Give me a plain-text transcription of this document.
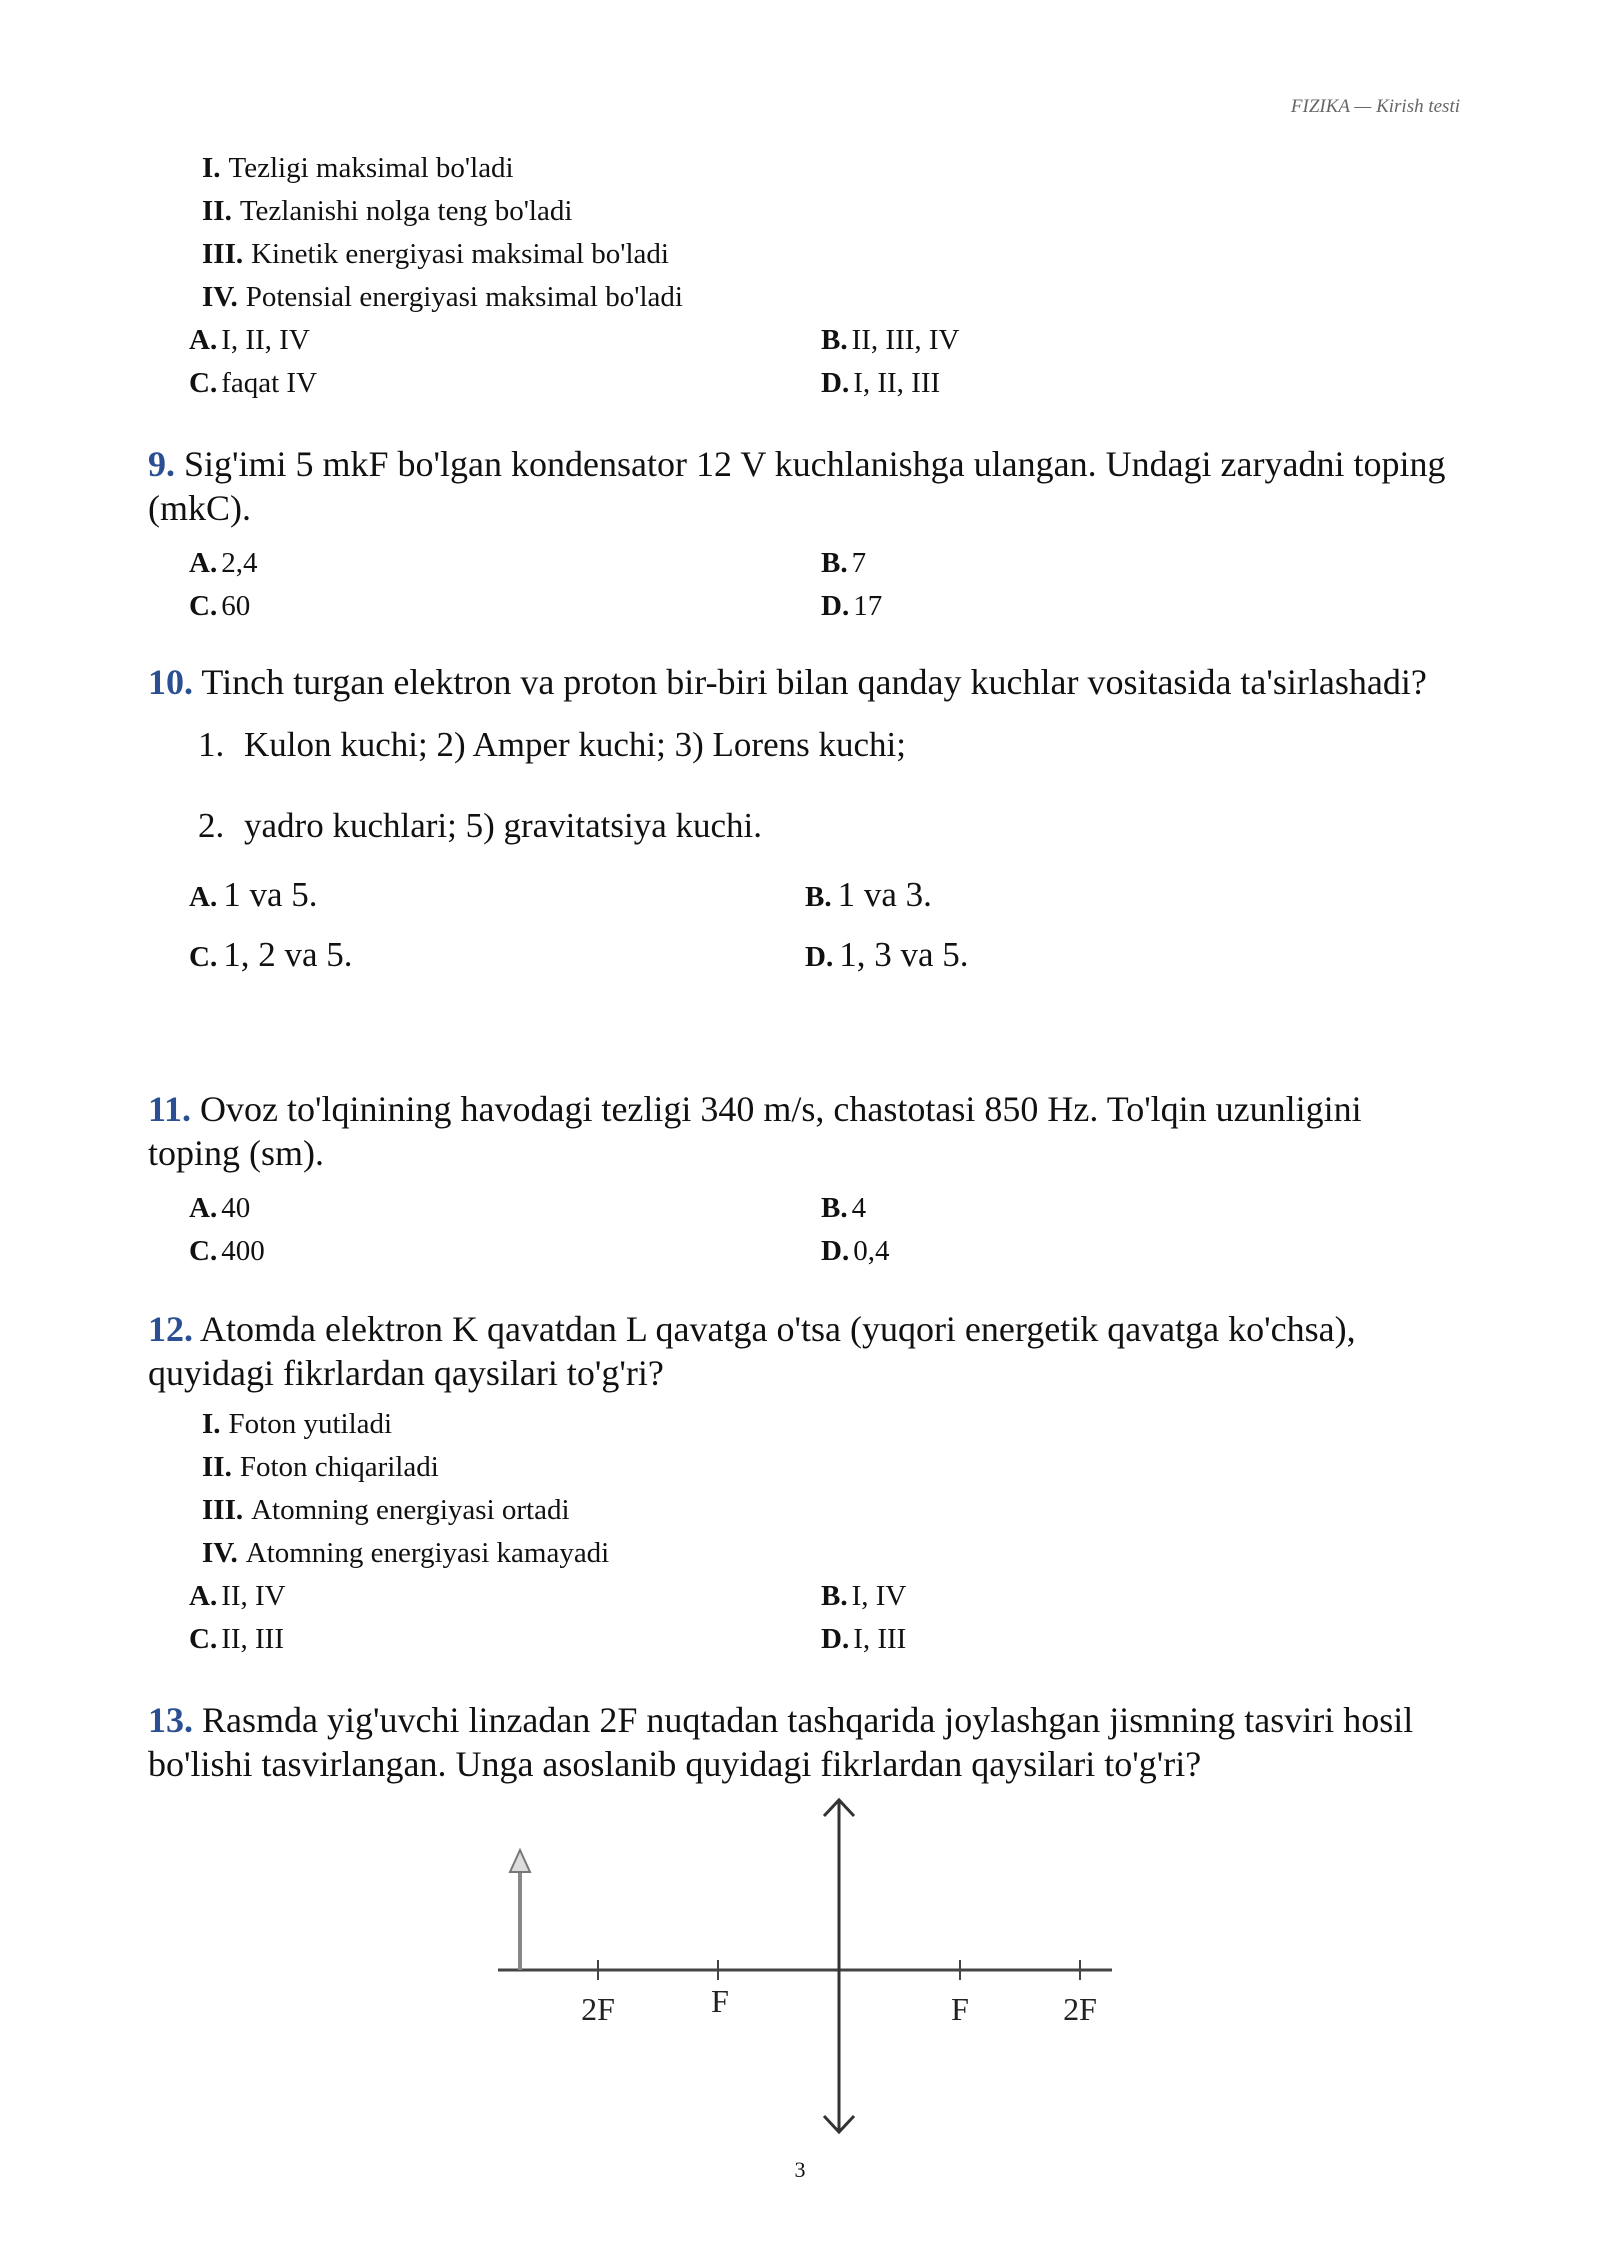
FIZIKA — Kirish testi
I. Tezligi maksimal bo'ladi
II. Tezlanishi nolga teng bo'ladi
III. Kinetik energiyasi maksimal bo'ladi
IV. Potensial energiyasi maksimal bo'ladi
A. I, II, IV	B. II, III, IV
C. faqat IV	D. I, II, III
9. Sig'imi 5 mkF bo'lgan kondensator 12 V kuchlanishga ulangan. Undagi zaryadni toping (mkC).
A. 2,4	B. 7
C. 60	D. 17
10. Tinch turgan elektron va proton bir-biri bilan qanday kuchlar vositasida ta'sirlashadi?
1. Kulon kuchi; 2) Amper kuchi; 3) Lorens kuchi;
2. yadro kuchlari; 5) gravitatsiya kuchi.
A. 1 va 5.	B. 1 va 3.
C. 1, 2 va 5.	D. 1, 3 va 5.
11. Ovoz to'lqinining havodagi tezligi 340 m/s, chastotasi 850 Hz. To'lqin uzunligini toping (sm).
A. 40	B. 4
C. 400	D. 0,4
12. Atomda elektron K qavatdan L qavatga o'tsa (yuqori energetik qavatga ko'chsa), quyidagi fikrlardan qaysilari to'g'ri?
I. Foton yutiladi
II. Foton chiqariladi
III. Atomning energiyasi ortadi
IV. Atomning energiyasi kamayadi
A. II, IV	B. I, IV
C. II, III	D. I, III
13. Rasmda yig'uvchi linzadan 2F nuqtadan tashqarida joylashgan jismning tasviri hosil bo'lishi tasvirlangan. Unga asoslanib quyidagi fikrlardan qaysilari to'g'ri?
2F	F	F	2F
3
